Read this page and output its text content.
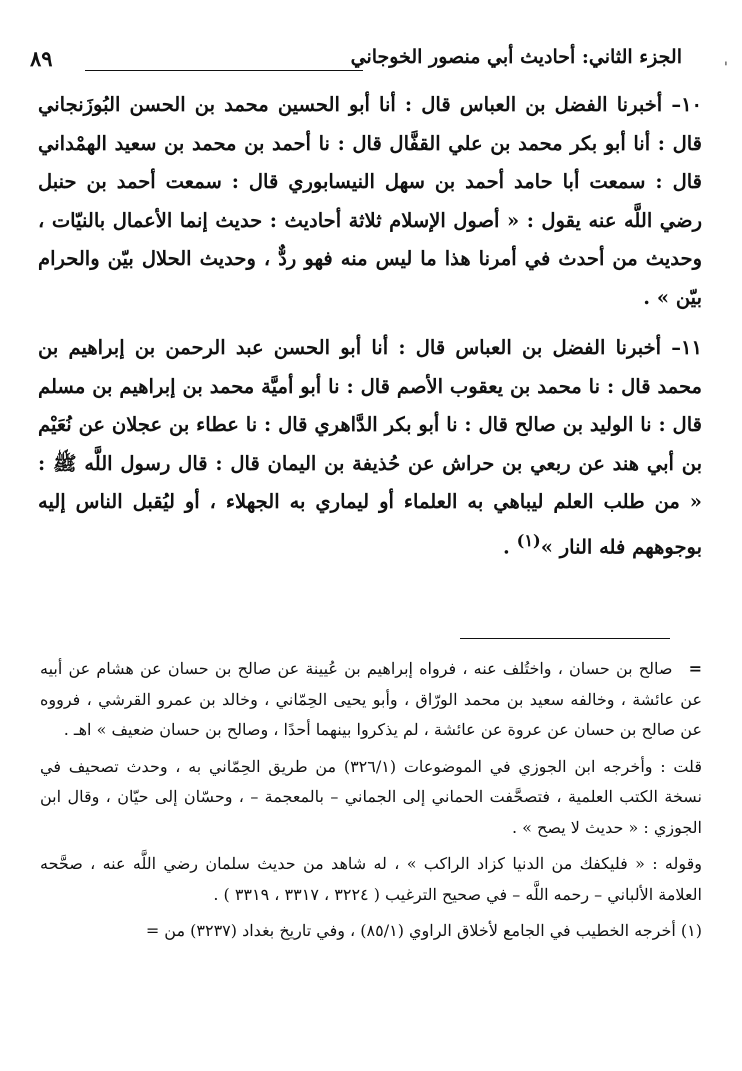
'
الجزء الثاني: أحاديث أبي منصور الخوجاني
٨٩

١٠– أخبرنا الفضل بن العباس قال : أنا أبو الحسين محمد بن الحسن البُوزَنجاني قال : أنا أبو بكر محمد بن علي القفَّال قال : نا أحمد بن محمد بن سعيد الهمْداني قال : سمعت أبا حامد أحمد بن سهل النيسابوري قال : سمعت أحمد بن حنبل رضي اللَّه عنه يقول : « أصول الإسلام ثلاثة أحاديث : حديث إنما الأعمال بالنيّات ، وحديث من أحدث في أمرنا هذا ما ليس منه فهو ردٌّ ، وحديث الحلال بيّن والحرام بيّن » .

١١– أخبرنا الفضل بن العباس قال : أنا أبو الحسن عبد الرحمن بن إبراهيم بن محمد قال : نا محمد بن يعقوب الأصم قال : نا أبو أميَّة محمد بن إبراهيم بن مسلم قال : نا الوليد بن صالح قال : نا أبو بكر الدَّاهري قال : نا عطاء بن عجلان عن نُعَيْم بن أبي هند عن ربعي بن حراش عن حُذيفة بن اليمان قال : قال رسول اللَّه ﷺ : « من طلب العلم ليباهي به العلماء أو ليماري به الجهلاء ، أو ليُقبل الناس إليه بوجوههم فله النار »$^{(١)}$ .

= صالح بن حسان ، واختُلف عنه ، فرواه إبراهيم بن عُيينة عن صالح بن حسان عن هشام عن أبيه عن عائشة ، وخالفه سعيد بن محمد الورّاق ، وأبو يحيى الحِمّاني ، وخالد بن عمرو القرشي ، فرووه عن صالح بن حسان عن عروة عن عائشة ، لم يذكروا بينهما أحدًا ، وصالح بن حسان ضعيف » اهـ .

قلت : وأخرجه ابن الجوزي في الموضوعات (٣٢٦/١) من طريق الحِمّاني به ، وحدث تصحيف في نسخة الكتب العلمية ، فتصحَّفت الحماني إلى الجماني – بالمعجمة – ، وحسّان إلى حيّان ، وقال ابن الجوزي : « حديث لا يصح » .

وقوله : « فليكفك من الدنيا كزاد الراكب » ، له شاهد من حديث سلمان رضي اللَّه عنه ، صحَّحه العلامة الألباني – رحمه اللَّه – في صحيح الترغيب ( ٣٢٢٤ ، ٣٣١٧ ، ٣٣١٩ ) .

(١) أخرجه الخطيب في الجامع لأخلاق الراوي (٨٥/١) ، وفي تاريخ بغداد (٣٢٣٧) من =
